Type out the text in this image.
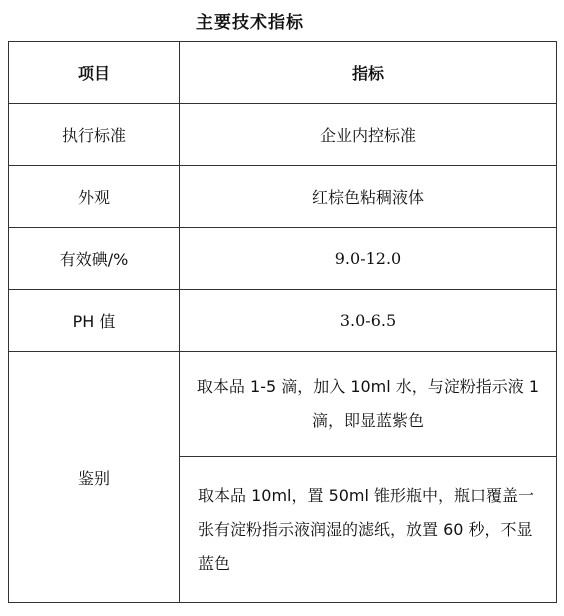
主要技术指标
项目	指标
执行标准	企业内控标准
外观	红棕色粘稠液体
有效碘/%	9.0-12.0
PH 值	3.0-6.5
鉴别	取本品 1-5 滴，加入 10ml 水，与淀粉指示液 1 滴，即显蓝紫色
	取本品 10ml，置 50ml 锥形瓶中，瓶口覆盖一张有淀粉指示液润湿的滤纸，放置 60 秒，不显蓝色
